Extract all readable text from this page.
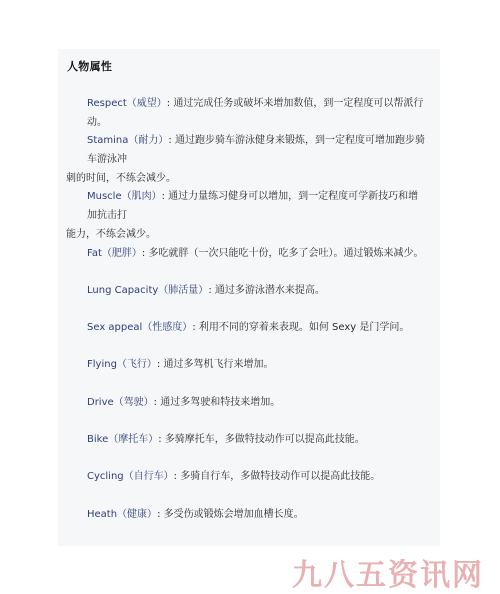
人物属性
Respect（威望）: 通过完成任务或破坏来增加数值，到一定程度可以帮派行动。
Stamina（耐力）: 通过跑步骑车游泳健身来锻炼，到一定程度可增加跑步骑车游泳冲
刺的时间，不练会减少。
Muscle（肌肉）: 通过力量练习健身可以增加，到一定程度可学新技巧和增加抗击打
能力，不练会减少。
Fat（肥胖）: 多吃就胖（一次只能吃十份，吃多了会吐）。通过锻炼来减少。
Lung Capacity（肺活量）: 通过多游泳潜水来提高。
Sex appeal（性感度）: 利用不同的穿着来表现。如何 Sexy 是门学问。
Flying（飞行）: 通过多驾机飞行来增加。
Drive（驾驶）: 通过多驾驶和特技来增加。
Bike（摩托车）: 多骑摩托车，多做特技动作可以提高此技能。
Cycling（自行车）: 多骑自行车，多做特技动作可以提高此技能。
Heath（健康）: 多受伤或锻炼会增加血槽长度。
九八五资讯网
